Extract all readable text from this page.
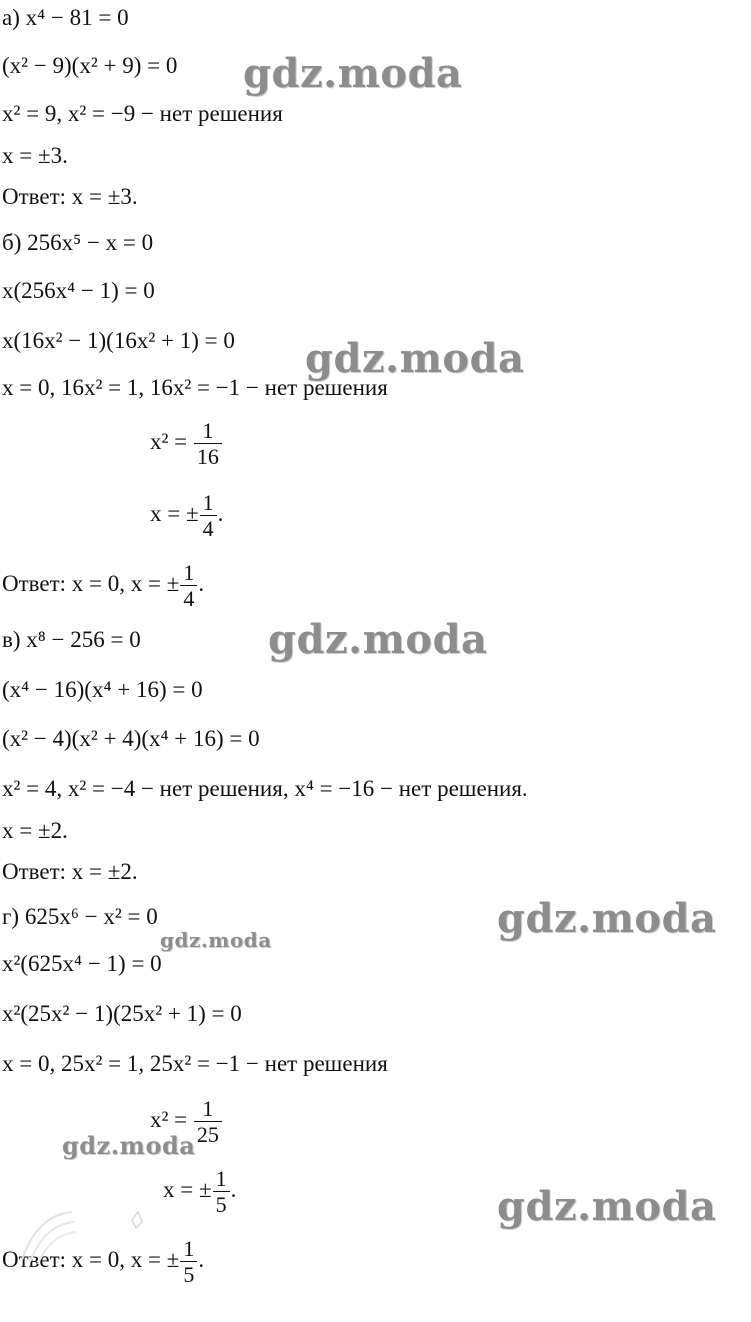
а) x⁴ − 81 = 0
(x² − 9)(x² + 9) = 0
x² = 9, x² = −9 − нет решения
x = ±3.
Ответ: x = ±3.
б) 256x⁵ − x = 0
x(256x⁴ − 1) = 0
x(16x² − 1)(16x² + 1) = 0
x = 0, 16x² = 1, 16x² = −1 − нет решения
$x^2 = \frac{1}{16}$
x = ± $\frac{1}{4}$ .
Ответ: x = 0, x = ± $\frac{1}{4}$ .
в) x⁸ − 256 = 0
(x⁴ − 16)(x⁴ + 16) = 0
(x² − 4)(x² + 4)(x⁴ + 16) = 0
x² = 4, x² = −4 − нет решения, x⁴ = −16 − нет решения.
x = ±2.
Ответ: x = ±2.
г) 625x⁶ − x² = 0
x²(625x⁴ − 1) = 0
x²(25x² − 1)(25x² + 1) = 0
x = 0, 25x² = 1, 25x² = −1 − нет решения
$x^2 = \frac{1}{25}$
x = ± $\frac{1}{5}$ .
Ответ: x = 0, x = ± $\frac{1}{5}$ .
gdz.moda
gdz.moda
gdz.moda
gdz.moda
gdz.moda
gdz.moda
gdz.moda
